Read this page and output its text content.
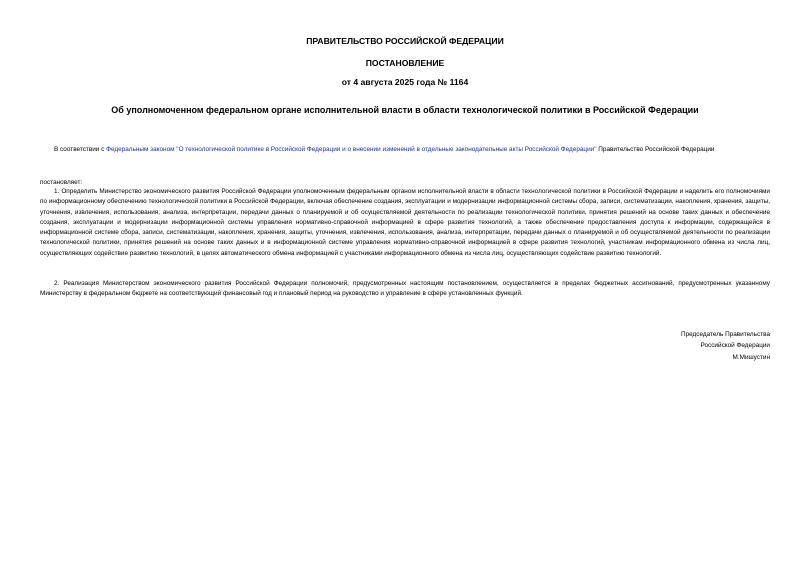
ПРАВИТЕЛЬСТВО РОССИЙСКОЙ ФЕДЕРАЦИИ
ПОСТАНОВЛЕНИЕ
от 4 августа 2025 года № 1164
Об уполномоченном федеральном органе исполнительной власти в области технологической политики в Российской Федерации
В соответствии с Федеральным законом "О технологической политике в Российской Федерации и о внесении изменений в отдельные законодательные акты Российской Федерации" Правительство Российской Федерации
постановляет:
1. Определить Министерство экономического развития Российской Федерации уполномоченным федеральным органом исполнительной власти в области технологической политики в Российской Федерации и наделить его полномочиями по информационному обеспечению технологической политики в Российской Федерации, включая обеспечение создания, эксплуатации и модернизации информационной системы сбора, записи, систематизации, накопления, хранения, защиты, уточнения, извлечения, использования, анализа, интерпретации, передачи данных о планируемой и об осуществляемой деятельности по реализации технологической политики, принятия решений на основе таких данных и обеспечение создания, эксплуатации и модернизации информационной системы управления нормативно-справочной информацией в сфере развития технологий, а также обеспечение предоставления доступа к информации, содержащейся в информационной системе сбора, записи, систематизации, накопления, хранения, защиты, уточнения, извлечения, использования, анализа, интерпретации, передачи данных о планируемой и об осуществляемой деятельности по реализации технологической политики, принятия решений на основе таких данных и в информационной системе управления нормативно-справочной информацией в сфере развития технологий, участникам информационного обмена из числа лиц, осуществляющих содействие развитию технологий, в целях автоматического обмена информацией с участниками информационного обмена из числа лиц, осуществляющих содействие развитию технологий.
2. Реализация Министерством экономического развития Российской Федерации полномочий, предусмотренных настоящим постановлением, осуществляется в пределах бюджетных ассигнований, предусмотренных указанному Министерству в федеральном бюджете на соответствующий финансовый год и плановый период на руководство и управление в сфере установленных функций.
Председатель Правительства
Российской Федерации
М.Мишустин
